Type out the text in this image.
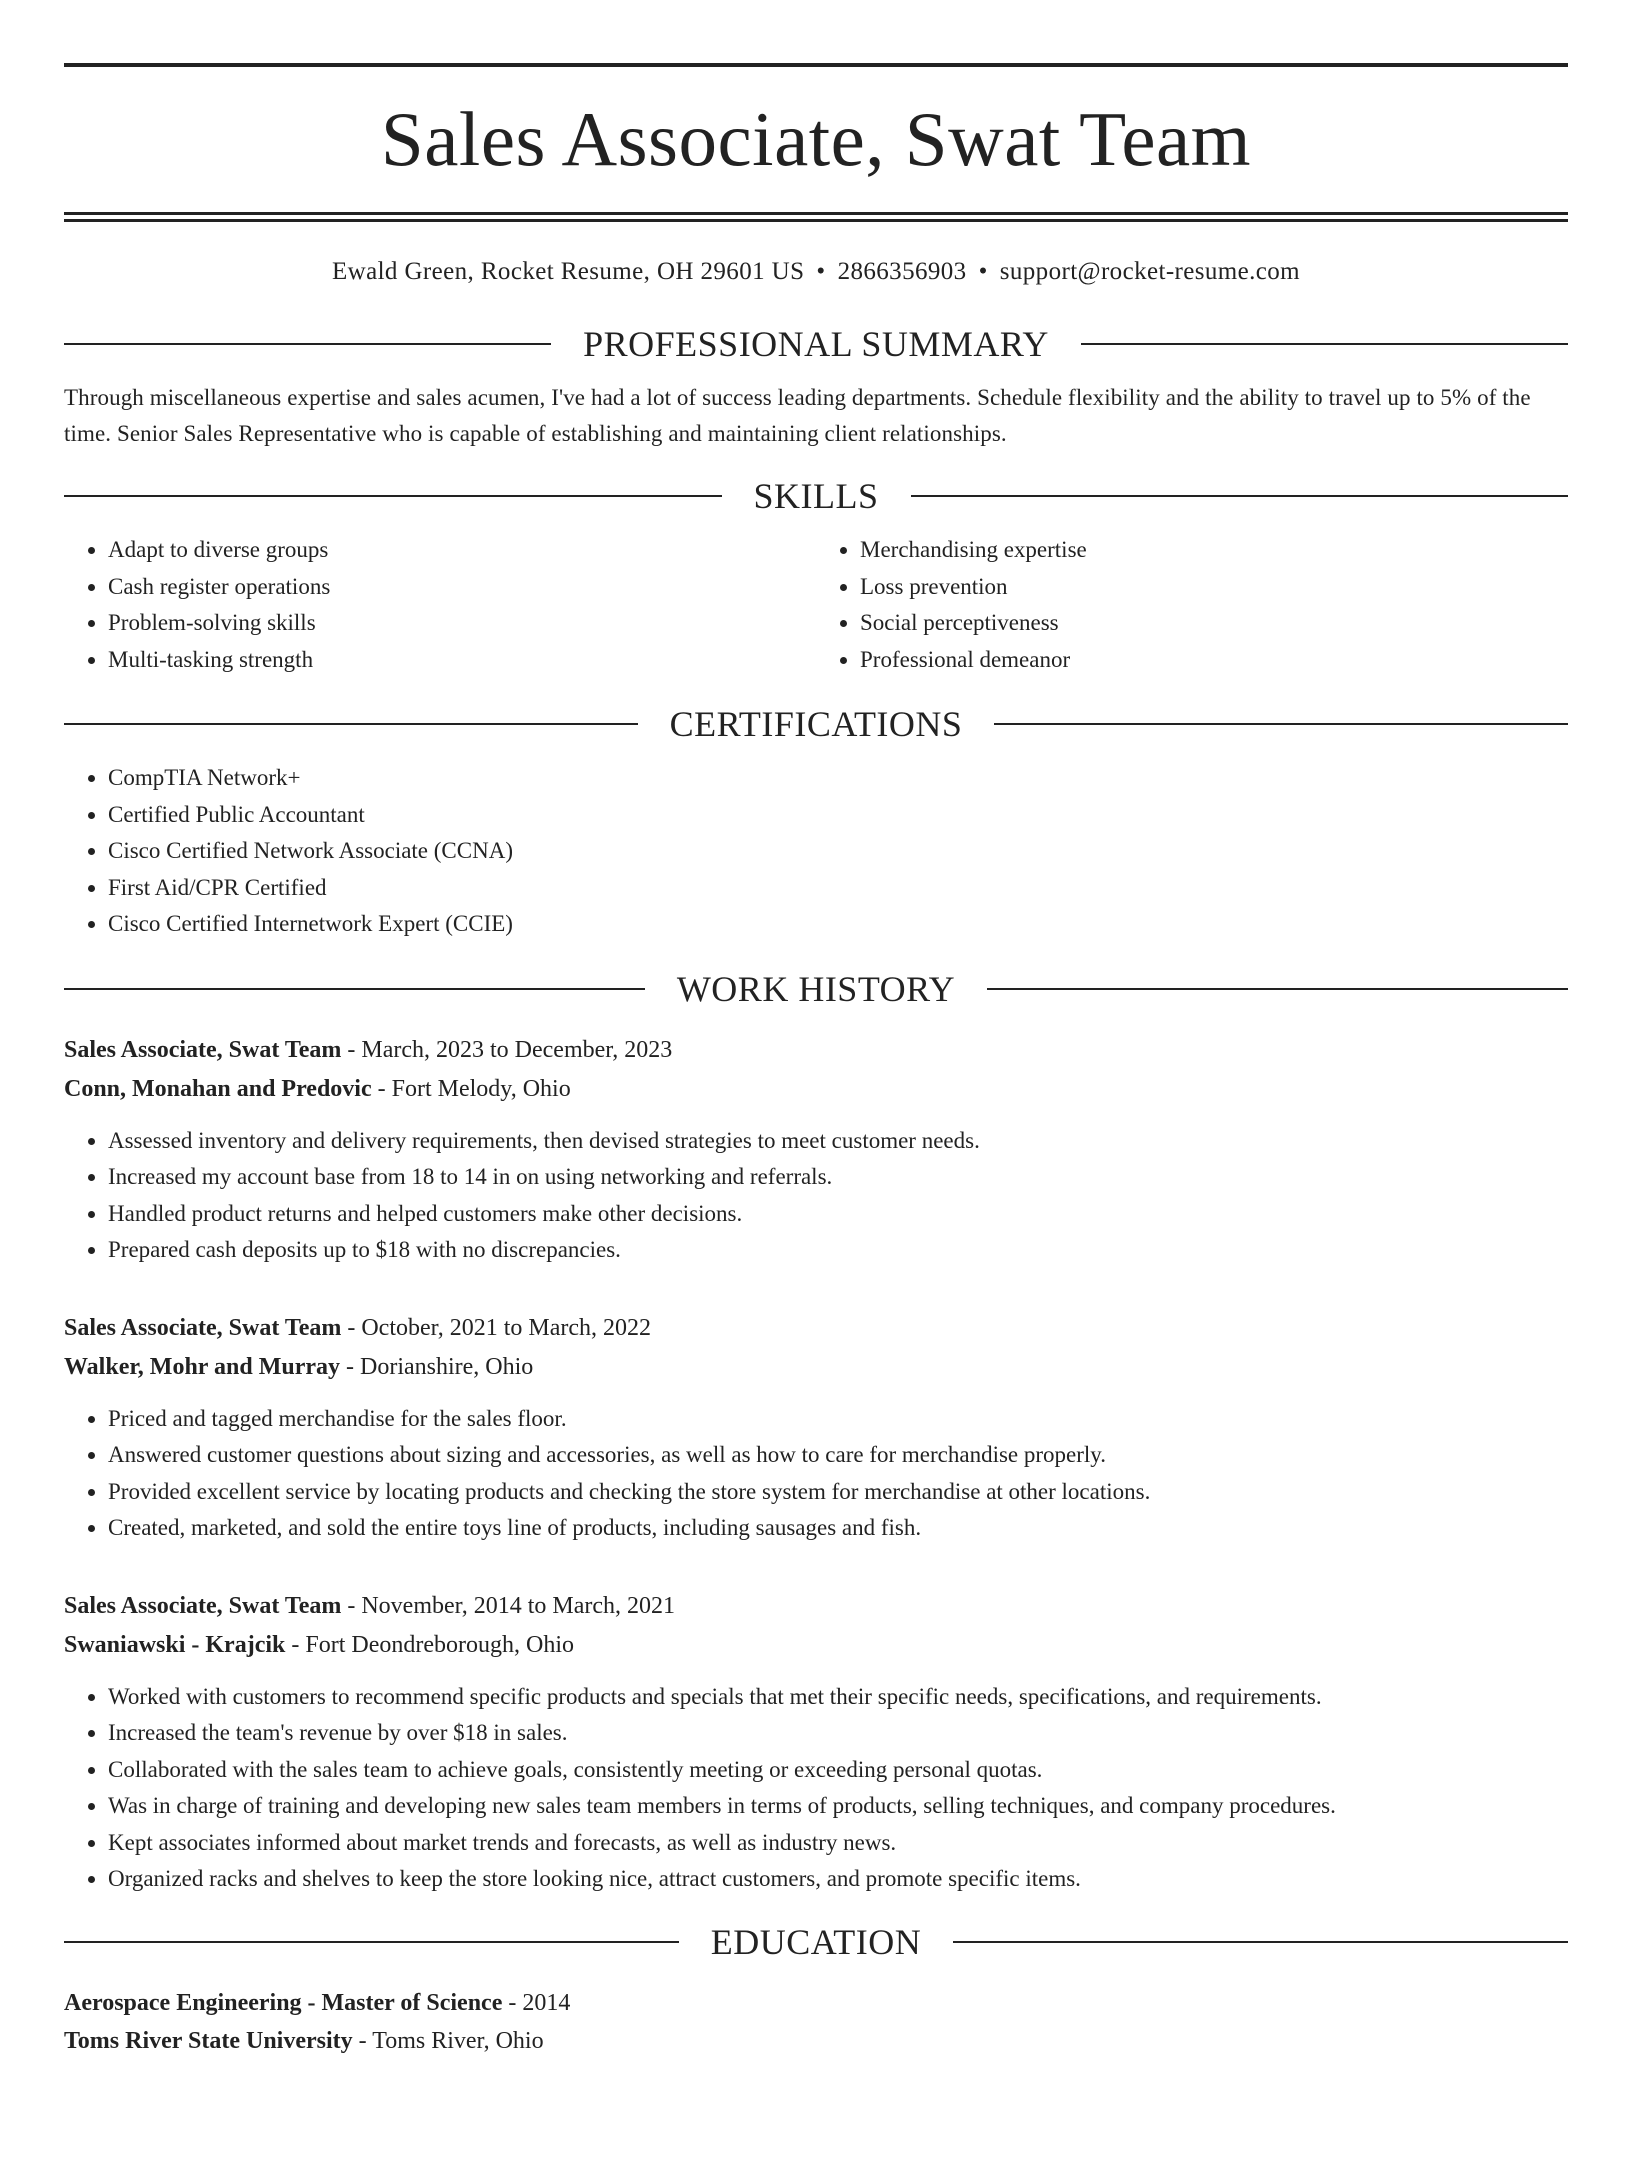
Sales Associate, Swat Team
Ewald Green, Rocket Resume, OH 29601 US • 2866356903 • support@rocket-resume.com
PROFESSIONAL SUMMARY
Through miscellaneous expertise and sales acumen, I've had a lot of success leading departments. Schedule flexibility and the ability to travel up to 5% of the time. Senior Sales Representative who is capable of establishing and maintaining client relationships.
SKILLS
• Adapt to diverse groups
• Cash register operations
• Problem-solving skills
• Multi-tasking strength
• Merchandising expertise
• Loss prevention
• Social perceptiveness
• Professional demeanor
CERTIFICATIONS
• CompTIA Network+
• Certified Public Accountant
• Cisco Certified Network Associate (CCNA)
• First Aid/CPR Certified
• Cisco Certified Internetwork Expert (CCIE)
WORK HISTORY
Sales Associate, Swat Team - March, 2023 to December, 2023
Conn, Monahan and Predovic - Fort Melody, Ohio
• Assessed inventory and delivery requirements, then devised strategies to meet customer needs.
• Increased my account base from 18 to 14 in on using networking and referrals.
• Handled product returns and helped customers make other decisions.
• Prepared cash deposits up to $18 with no discrepancies.
Sales Associate, Swat Team - October, 2021 to March, 2022
Walker, Mohr and Murray - Dorianshire, Ohio
• Priced and tagged merchandise for the sales floor.
• Answered customer questions about sizing and accessories, as well as how to care for merchandise properly.
• Provided excellent service by locating products and checking the store system for merchandise at other locations.
• Created, marketed, and sold the entire toys line of products, including sausages and fish.
Sales Associate, Swat Team - November, 2014 to March, 2021
Swaniawski - Krajcik - Fort Deondreborough, Ohio
• Worked with customers to recommend specific products and specials that met their specific needs, specifications, and requirements.
• Increased the team's revenue by over $18 in sales.
• Collaborated with the sales team to achieve goals, consistently meeting or exceeding personal quotas.
• Was in charge of training and developing new sales team members in terms of products, selling techniques, and company procedures.
• Kept associates informed about market trends and forecasts, as well as industry news.
• Organized racks and shelves to keep the store looking nice, attract customers, and promote specific items.
EDUCATION
Aerospace Engineering - Master of Science - 2014
Toms River State University - Toms River, Ohio
